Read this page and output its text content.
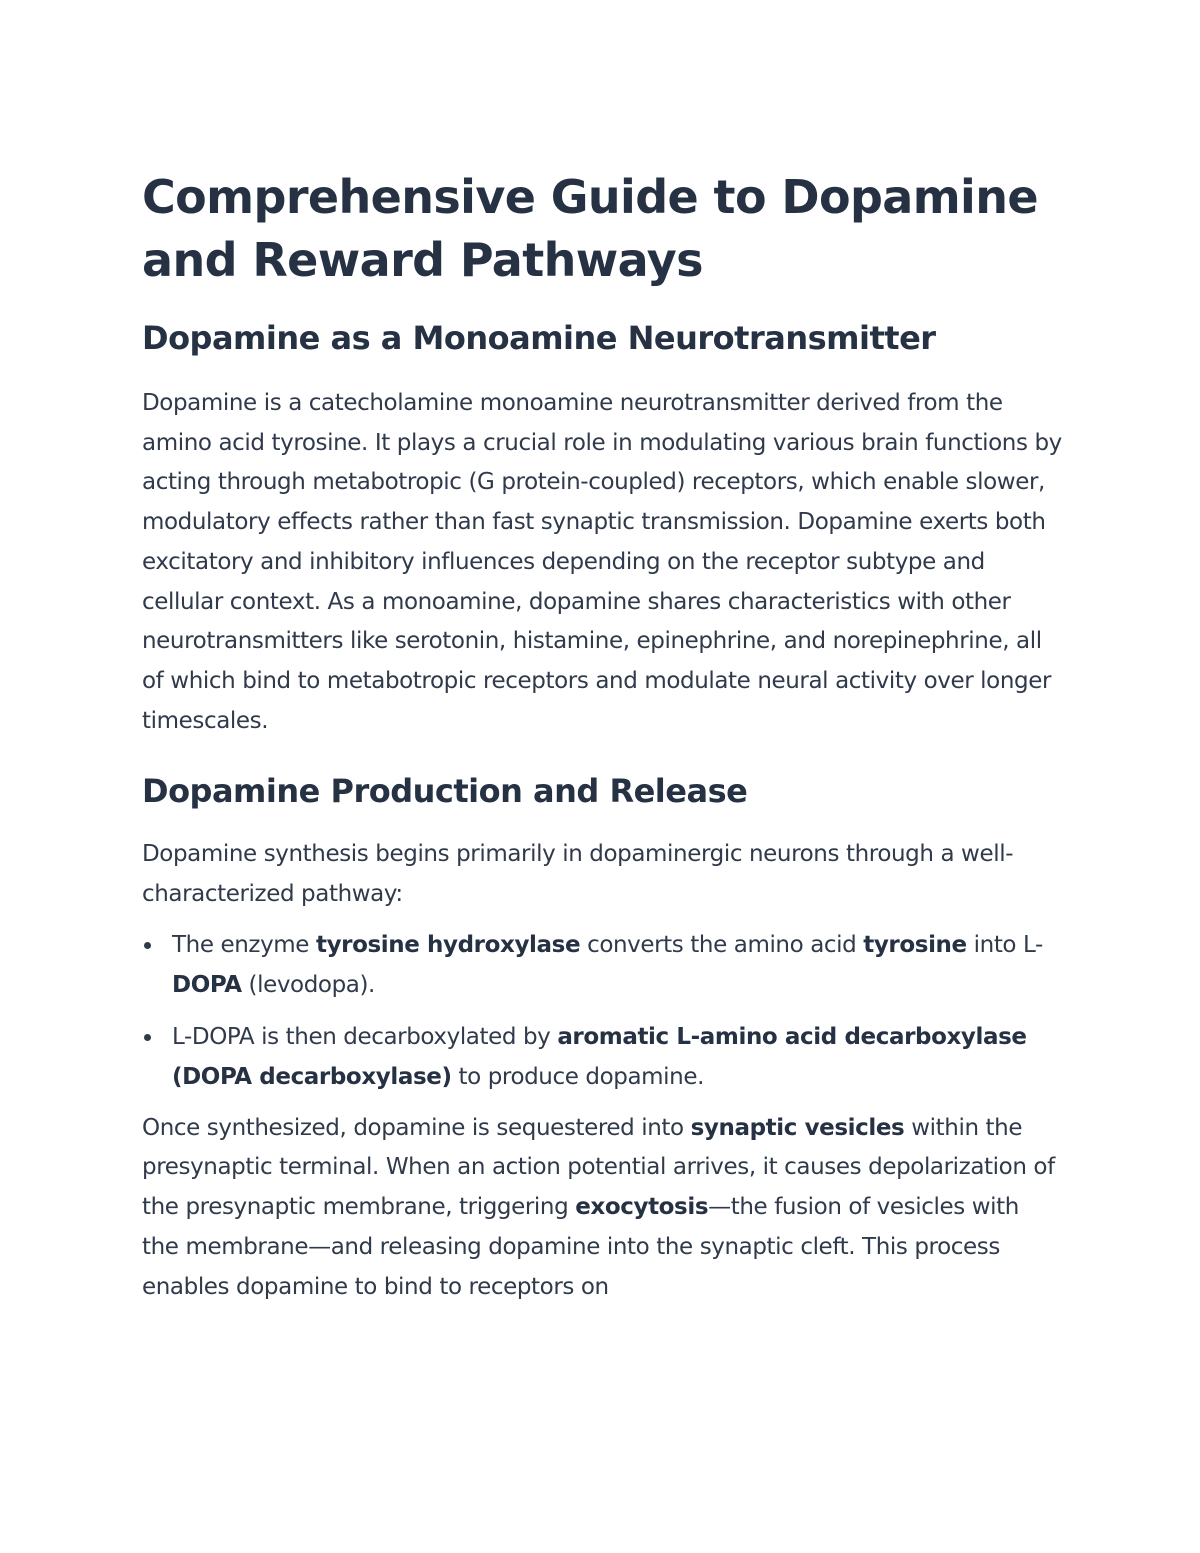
Comprehensive Guide to Dopamine and Reward Pathways
Dopamine as a Monoamine Neurotransmitter

Dopamine is a catecholamine monoamine neurotransmitter derived from the amino acid tyrosine. It plays a crucial role in modulating various brain functions by acting through metabotropic (G protein-coupled) receptors, which enable slower, modulatory effects rather than fast synaptic transmission. Dopamine exerts both excitatory and inhibitory influences depending on the receptor subtype and cellular context. As a monoamine, dopamine shares characteristics with other neurotransmitters like serotonin, histamine, epinephrine, and norepinephrine, all of which bind to metabotropic receptors and modulate neural activity over longer timescales.

Dopamine Production and Release

Dopamine synthesis begins primarily in dopaminergic neurons through a well-characterized pathway:

The enzyme tyrosine hydroxylase converts the amino acid tyrosine into L-DOPA (levodopa).
L-DOPA is then decarboxylated by aromatic L-amino acid decarboxylase (DOPA decarboxylase) to produce dopamine.

Once synthesized, dopamine is sequestered into synaptic vesicles within the presynaptic terminal. When an action potential arrives, it causes depolarization of the presynaptic membrane, triggering exocytosis—the fusion of vesicles with the membrane—and releasing dopamine into the synaptic cleft. This process enables dopamine to bind to receptors on
